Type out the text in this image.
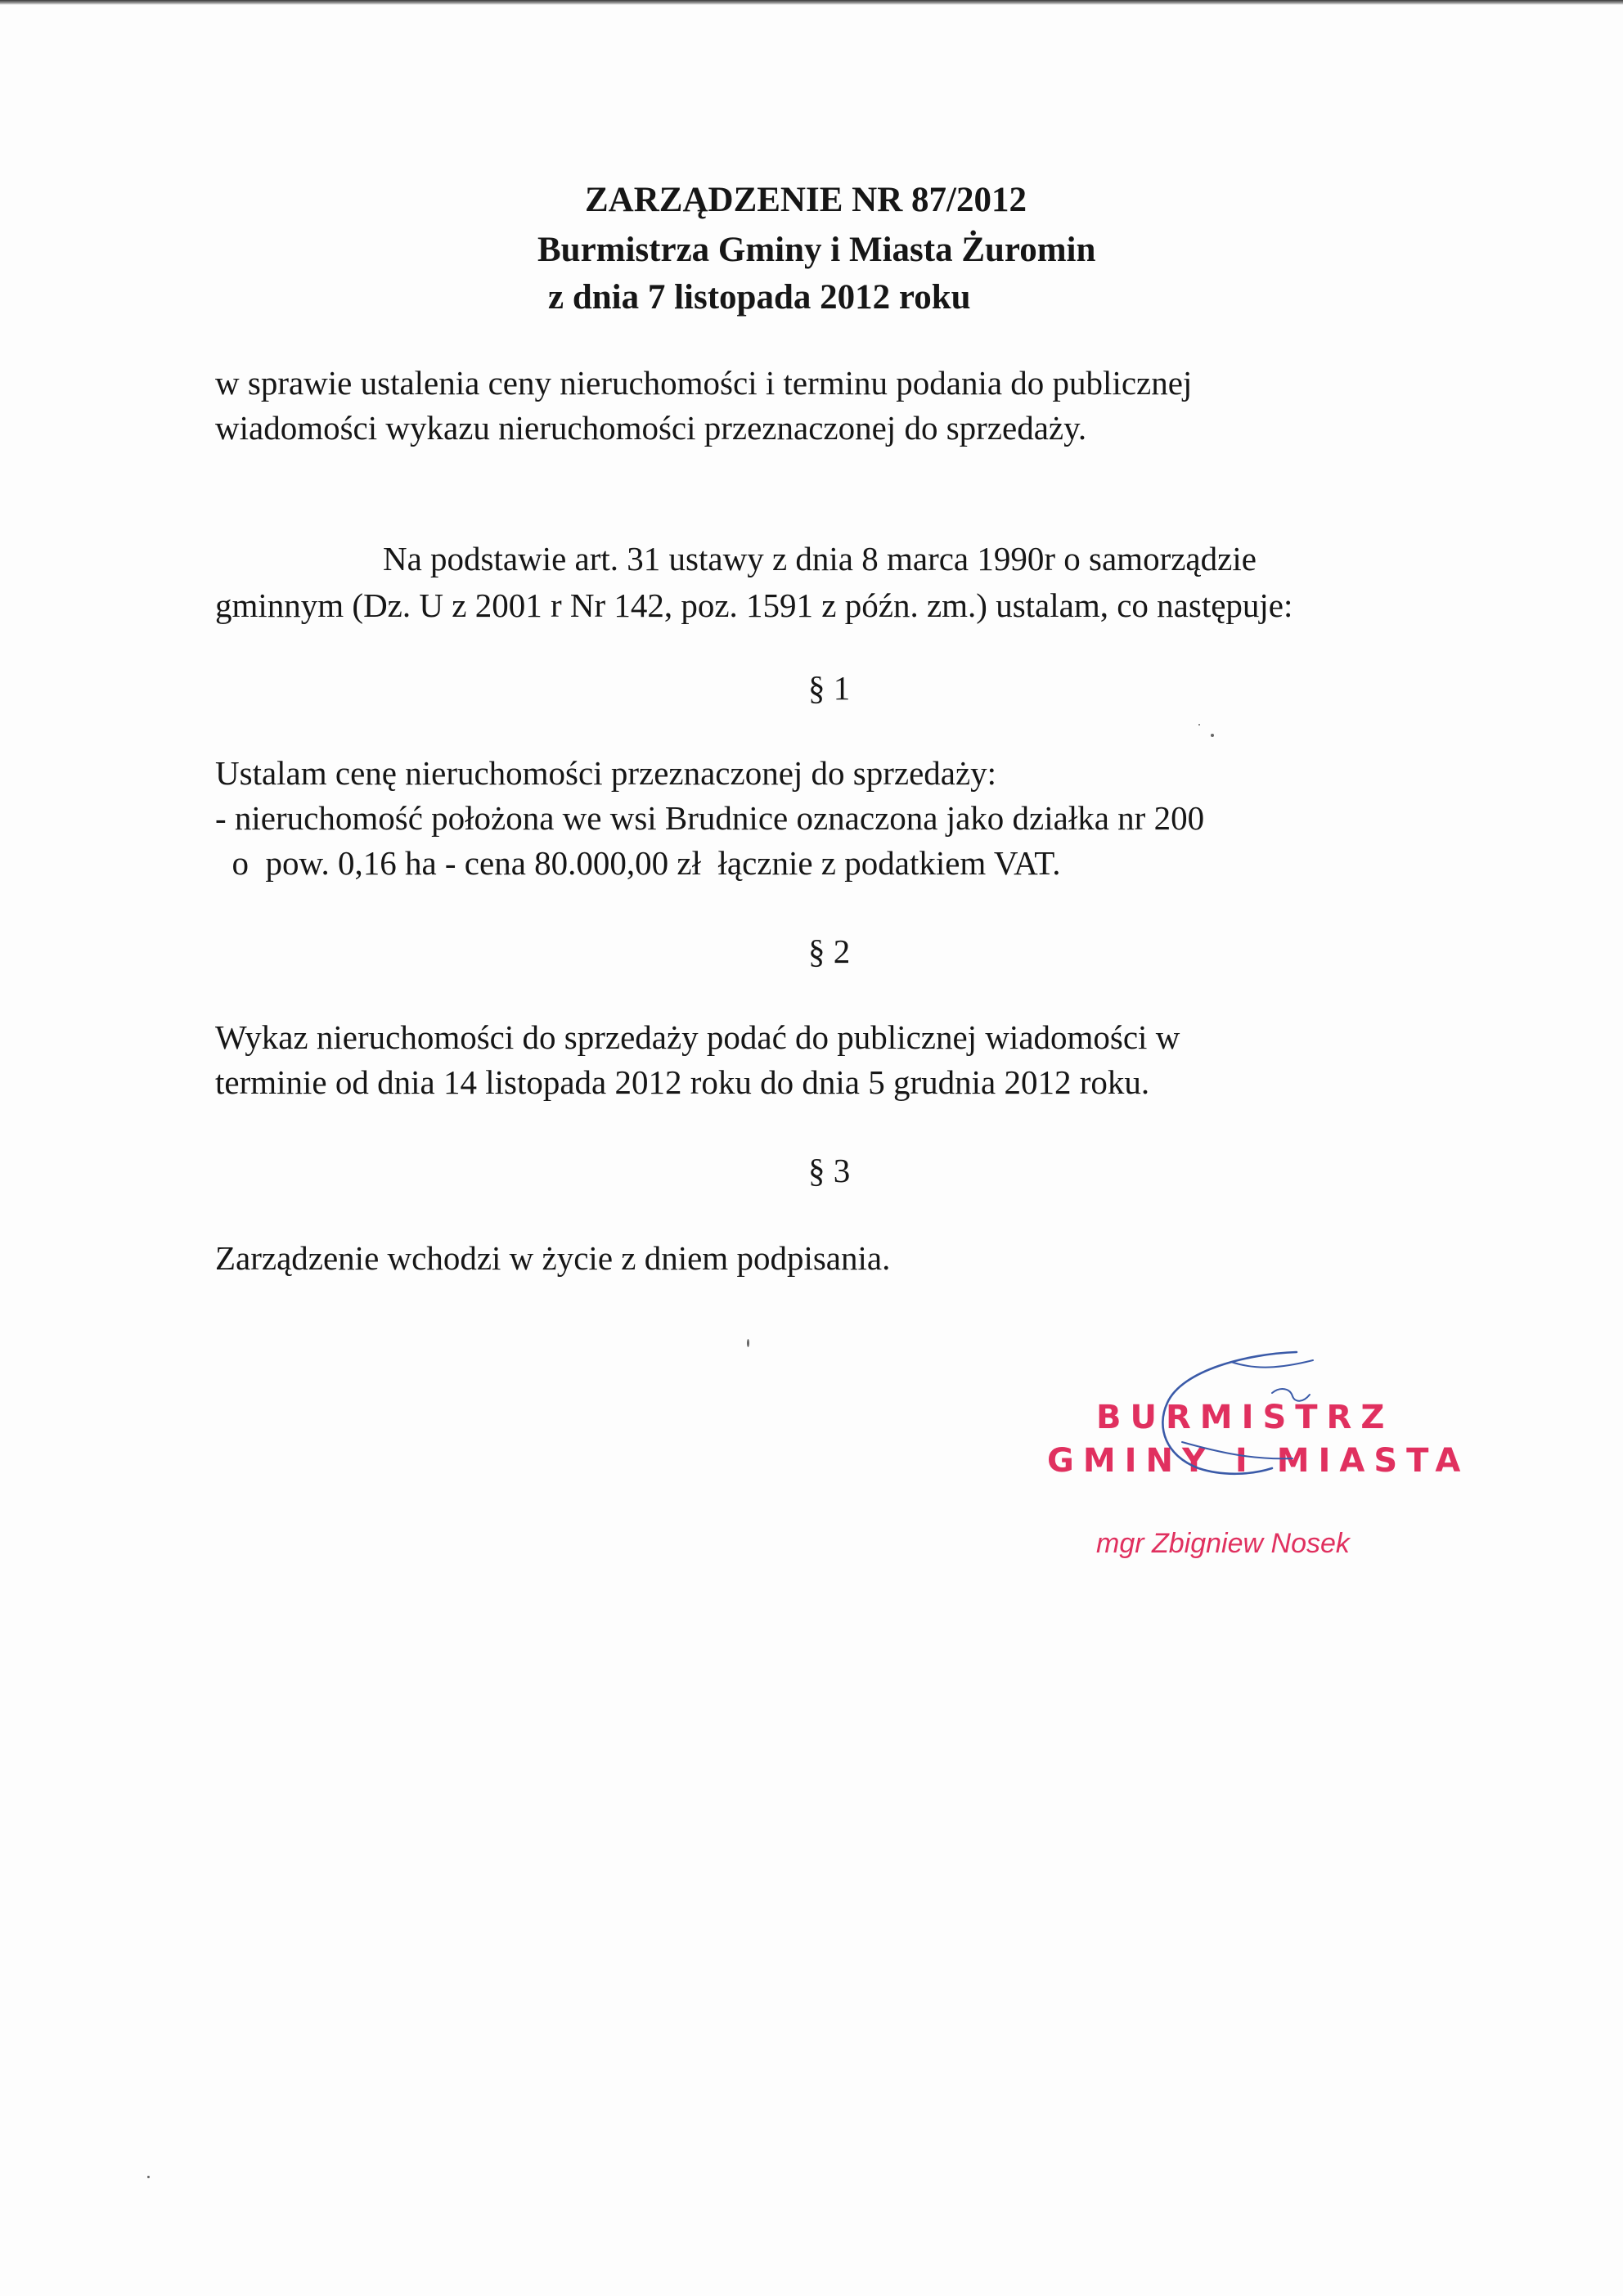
ZARZĄDZENIE NR 87/2012
Burmistrza Gminy i Miasta Żuromin
z dnia 7 listopada 2012 roku
w sprawie ustalenia ceny nieruchomości i terminu podania do publicznej
wiadomości wykazu nieruchomości przeznaczonej do sprzedaży.
Na podstawie art. 31 ustawy z dnia 8 marca 1990r o samorządzie
gminnym (Dz. U z 2001 r Nr 142, poz. 1591 z późn. zm.) ustalam, co następuje:
§ 1
Ustalam cenę nieruchomości przeznaczonej do sprzedaży:
- nieruchomość położona we wsi Brudnice oznaczona jako działka nr 200
o  pow. 0,16 ha - cena 80.000,00 zł  łącznie z podatkiem VAT.
§ 2
Wykaz nieruchomości do sprzedaży podać do publicznej wiadomości w
terminie od dnia 14 listopada 2012 roku do dnia 5 grudnia 2012 roku.
§ 3
Zarządzenie wchodzi w życie z dniem podpisania.
BURMISTRZ
GMINY I MIASTA
mgr Zbigniew Nosek
